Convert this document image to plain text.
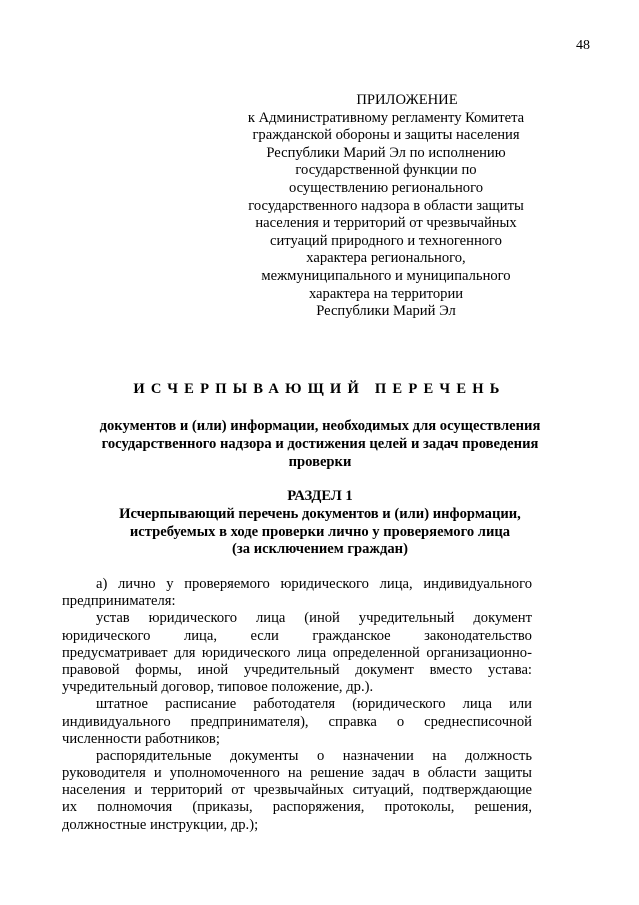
48
ПРИЛОЖЕНИЕ
к Административному регламенту Комитета
гражданской обороны и защиты населения
Республики Марий Эл по исполнению
государственной функции по
осуществлению регионального
государственного надзора в области защиты
населения и территорий от чрезвычайных
ситуаций природного и техногенного
характера регионального,
межмуниципального и муниципального
характера на территории
Республики Марий Эл
ИСЧЕРПЫВАЮЩИЙ ПЕРЕЧЕНЬ
документов и (или) информации, необходимых для осуществления
государственного надзора и достижения целей и задач проведения
проверки
РАЗДЕЛ 1
Исчерпывающий перечень документов и (или) информации,
истребуемых в ходе проверки лично у проверяемого лица
(за исключением граждан)

а) лично у проверяемого юридического лица, индивидуального
предпринимателя:

устав юридического лица (иной учредительный документ
юридического лица, если гражданское законодательство
предусматривает для юридического лица определенной организационно-
правовой формы, иной учредительный документ вместо устава:
учредительный договор, типовое положение, др.).

штатное расписание работодателя (юридического лица или
индивидуального предпринимателя), справка о среднесписочной
численности работников;

распорядительные документы о назначении на должность
руководителя и уполномоченного на решение задач в области защиты
населения и территорий от чрезвычайных ситуаций, подтверждающие
их полномочия (приказы, распоряжения, протоколы, решения,
должностные инструкции, др.);
